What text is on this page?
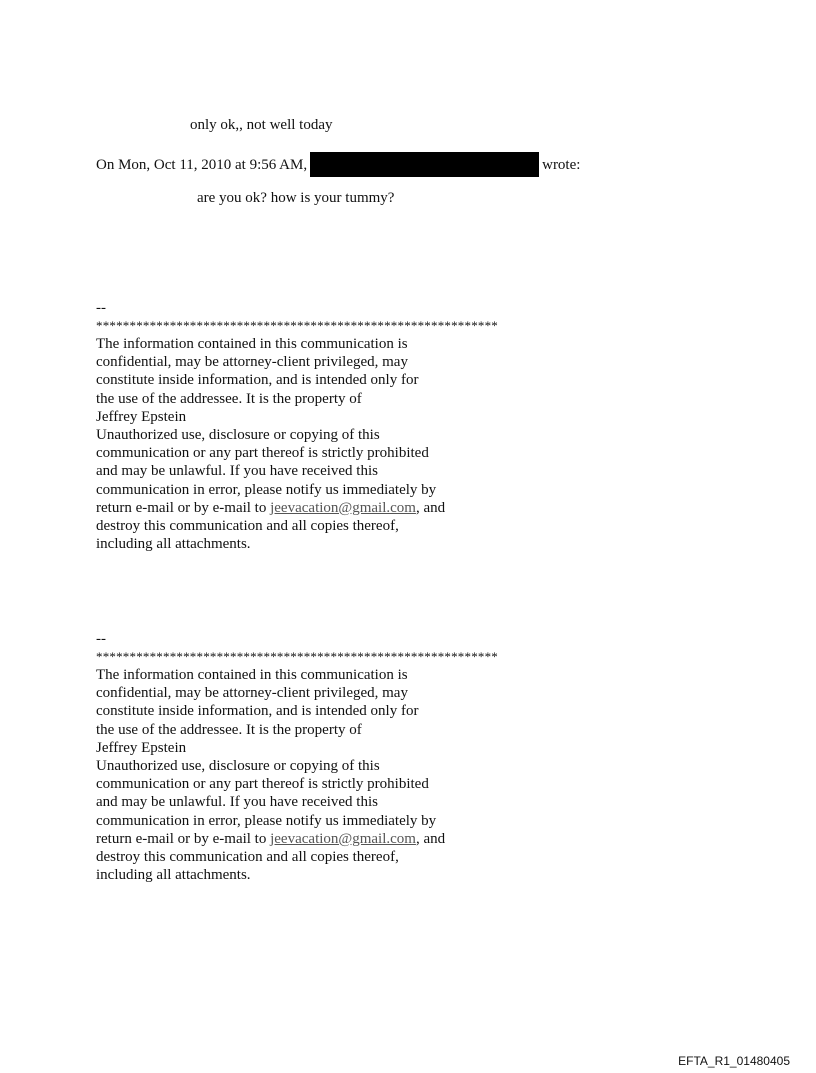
only ok,, not well today
On Mon, Oct 11, 2010 at 9:56 AM,	wrote:
are you ok? how is your tummy?
--
************************************************************

The information contained in this communication is
confidential, may be attorney-client privileged, may
constitute inside information, and is intended only for
the use of the addressee. It is the property of
Jeffrey Epstein
Unauthorized use, disclosure or copying of this
communication or any part thereof is strictly prohibited
and may be unlawful. If you have received this
communication in error, please notify us immediately by
return e-mail or by e-mail to jeevacation@gmail.com, and
destroy this communication and all copies thereof,
including all attachments.

--
************************************************************

The information contained in this communication is
confidential, may be attorney-client privileged, may
constitute inside information, and is intended only for
the use of the addressee. It is the property of
Jeffrey Epstein
Unauthorized use, disclosure or copying of this
communication or any part thereof is strictly prohibited
and may be unlawful. If you have received this
communication in error, please notify us immediately by
return e-mail or by e-mail to jeevacation@gmail.com, and
destroy this communication and all copies thereof,
including all attachments.

EFTA_R1_01480405
